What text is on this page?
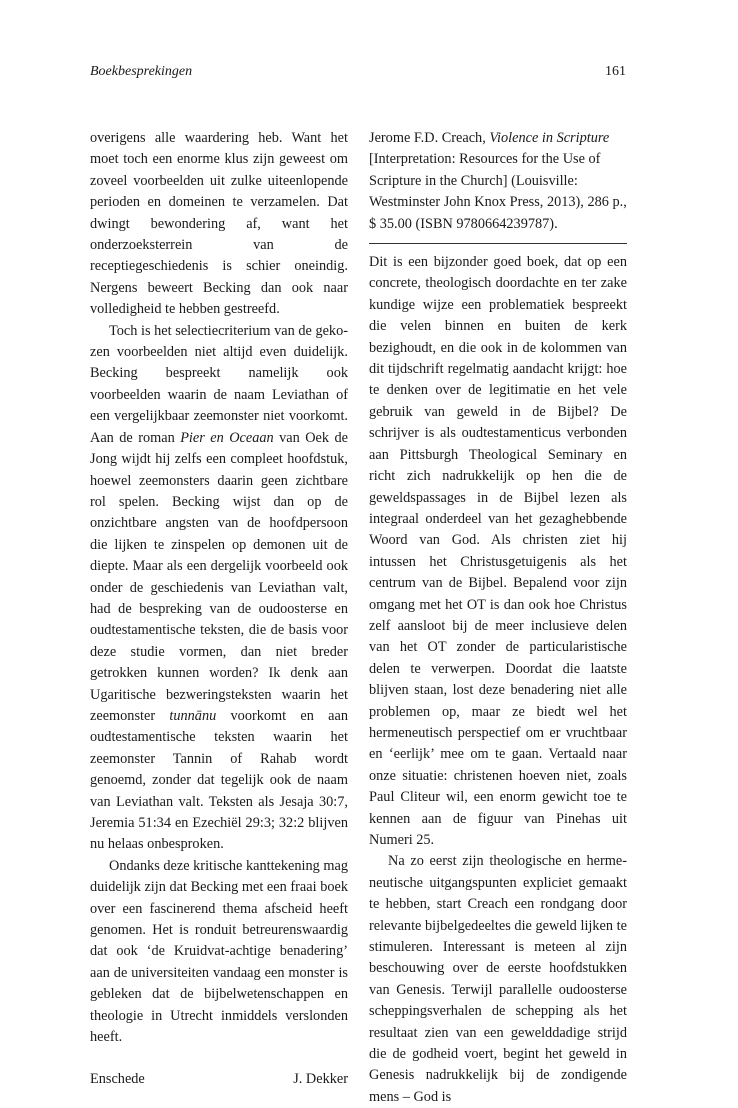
Boekbesprekingen	161

overigens alle waardering heb. Want het moet toch een enorme klus zijn geweest om zoveel voorbeelden uit zulke uiteenlopende perioden en domeinen te verzamelen. Dat dwingt bewondering af, want het onderzoeksterrein van de receptiegeschiedenis is schier oneindig. Nergens beweert Becking dan ook naar volledigheid te hebben gestreefd.

Toch is het selectiecriterium van de gekozen voorbeelden niet altijd even duidelijk. Becking bespreekt namelijk ook voorbeelden waarin de naam Leviathan of een vergelijkbaar zeemonster niet voorkomt. Aan de roman Pier en Oceaan van Oek de Jong wijdt hij zelfs een compleet hoofdstuk, hoewel zeemonsters daarin geen zichtbare rol spelen. Becking wijst dan op de onzichtbare angsten van de hoofdpersoon die lijken te zinspelen op demonen uit de diepte. Maar als een dergelijk voorbeeld ook onder de geschiedenis van Leviathan valt, had de bespreking van de oudoosterse en oudtestamentische teksten, die de basis voor deze studie vormen, dan niet breder getrokken kunnen worden? Ik denk aan Ugaritische bezweringsteksten waarin het zeemonster tunnānu voorkomt en aan oudtestamentische teksten waarin het zeemonster Tannin of Rahab wordt genoemd, zonder dat tegelijk ook de naam van Leviathan valt. Teksten als Jesaja 30:7, Jeremia 51:34 en Ezechiël 29:3; 32:2 blijven nu helaas onbesproken.

Ondanks deze kritische kanttekening mag duidelijk zijn dat Becking met een fraai boek over een fascinerend thema afscheid heeft genomen. Het is ronduit betreurenswaardig dat ook ‘de Kruidvat-achtige benadering’ aan de universiteiten vandaag een monster is gebleken dat de bijbelwetenschappen en theologie in Utrecht inmiddels verslonden heeft.

Enschede	J. Dekker

Jerome F.D. Creach, Violence in Scripture [Interpretation: Resources for the Use of Scripture in the Church] (Louisville: Westminster John Knox Press, 2013), 286 p., $ 35.00 (ISBN 9780664239787).

Dit is een bijzonder goed boek, dat op een concrete, theologisch doordachte en ter zake kundige wijze een problematiek bespreekt die velen binnen en buiten de kerk bezighoudt, en die ook in de kolommen van dit tijdschrift regelmatig aandacht krijgt: hoe te denken over de legitimatie en het vele gebruik van geweld in de Bijbel? De schrijver is als oudtestamenticus verbonden aan Pittsburgh Theological Seminary en richt zich nadrukkelijk op hen die de geweldspassages in de Bijbel lezen als integraal onderdeel van het gezaghebbende Woord van God. Als christen ziet hij intussen het Christusgetuigenis als het centrum van de Bijbel. Bepalend voor zijn omgang met het OT is dan ook hoe Christus zelf aansloot bij de meer inclusieve delen van het OT zonder de particularistische delen te verwerpen. Doordat die laatste blijven staan, lost deze benadering niet alle problemen op, maar ze biedt wel het hermeneutisch perspectief om er vruchtbaar en ‘eerlijk’ mee om te gaan. Vertaald naar onze situatie: christenen hoeven niet, zoals Paul Cliteur wil, een enorm gewicht toe te kennen aan de figuur van Pinehas uit Numeri 25.

Na zo eerst zijn theologische en hermeneutische uitgangspunten expliciet gemaakt te hebben, start Creach een rondgang door relevante bijbelgedeeltes die geweld lijken te stimuleren. Interessant is meteen al zijn beschouwing over de eerste hoofdstukken van Genesis. Terwijl parallelle oudoosterse scheppingsverhalen de schepping als het resultaat zien van een gewelddadige strijd die de godheid voert, begint het geweld in Genesis nadrukkelijk bij de zondigende mens – God is
